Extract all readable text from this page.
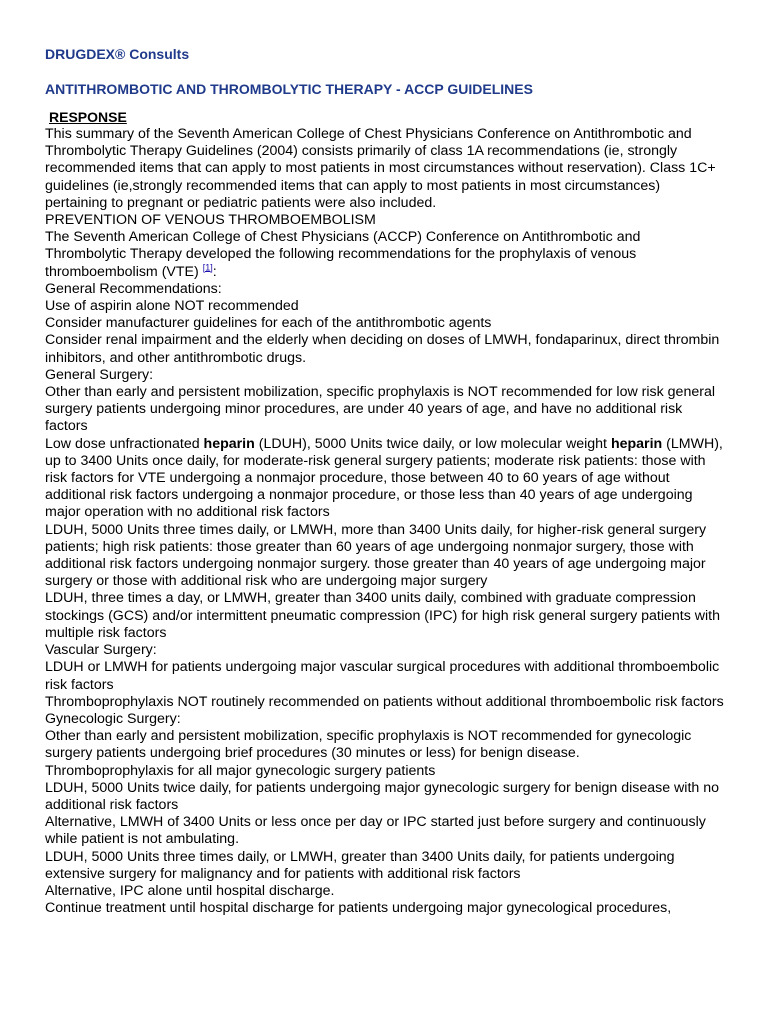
DRUGDEX® Consults
ANTITHROMBOTIC AND THROMBOLYTIC THERAPY - ACCP GUIDELINES
RESPONSE

This summary of the Seventh American College of Chest Physicians Conference on Antithrombotic and Thrombolytic Therapy Guidelines (2004) consists primarily of class 1A recommendations (ie, strongly recommended items that can apply to most patients in most circumstances without reservation). Class 1C+ guidelines (ie,strongly recommended items that can apply to most patients in most circumstances) pertaining to pregnant or pediatric patients were also included.

PREVENTION OF VENOUS THROMBOEMBOLISM

The Seventh American College of Chest Physicians (ACCP) Conference on Antithrombotic and Thrombolytic Therapy developed the following recommendations for the prophylaxis of venous thromboembolism (VTE) [1]:

General Recommendations:

Use of aspirin alone NOT recommended

Consider manufacturer guidelines for each of the antithrombotic agents

Consider renal impairment and the elderly when deciding on doses of LMWH, fondaparinux, direct thrombin inhibitors, and other antithrombotic drugs.

General Surgery:

Other than early and persistent mobilization, specific prophylaxis is NOT recommended for low risk general surgery patients undergoing minor procedures, are under 40 years of age, and have no additional risk factors

Low dose unfractionated heparin (LDUH), 5000 Units twice daily, or low molecular weight heparin (LMWH), up to 3400 Units once daily, for moderate-risk general surgery patients; moderate risk patients: those with risk factors for VTE undergoing a nonmajor procedure, those between 40 to 60 years of age without additional risk factors undergoing a nonmajor procedure, or those less than 40 years of age undergoing major operation with no additional risk factors

LDUH, 5000 Units three times daily, or LMWH, more than 3400 Units daily, for higher-risk general surgery patients; high risk patients: those greater than 60 years of age undergoing nonmajor surgery, those with additional risk factors undergoing nonmajor surgery. those greater than 40 years of age undergoing major surgery or those with additional risk who are undergoing major surgery

LDUH, three times a day, or LMWH, greater than 3400 units daily, combined with graduate compression stockings (GCS) and/or intermittent pneumatic compression (IPC) for high risk general surgery patients with multiple risk factors

Vascular Surgery:

LDUH or LMWH for patients undergoing major vascular surgical procedures with additional thromboembolic risk factors

Thromboprophylaxis NOT routinely recommended on patients without additional thromboembolic risk factors

Gynecologic Surgery:

Other than early and persistent mobilization, specific prophylaxis is NOT recommended for gynecologic surgery patients undergoing brief procedures (30 minutes or less) for benign disease.

Thromboprophylaxis for all major gynecologic surgery patients

LDUH, 5000 Units twice daily, for patients undergoing major gynecologic surgery for benign disease with no additional risk factors

Alternative, LMWH of 3400 Units or less once per day or IPC started just before surgery and continuously while patient is not ambulating.

LDUH, 5000 Units three times daily, or LMWH, greater than 3400 Units daily, for patients undergoing extensive surgery for malignancy and for patients with additional risk factors

Alternative, IPC alone until hospital discharge.

Continue treatment until hospital discharge for patients undergoing major gynecological procedures,
